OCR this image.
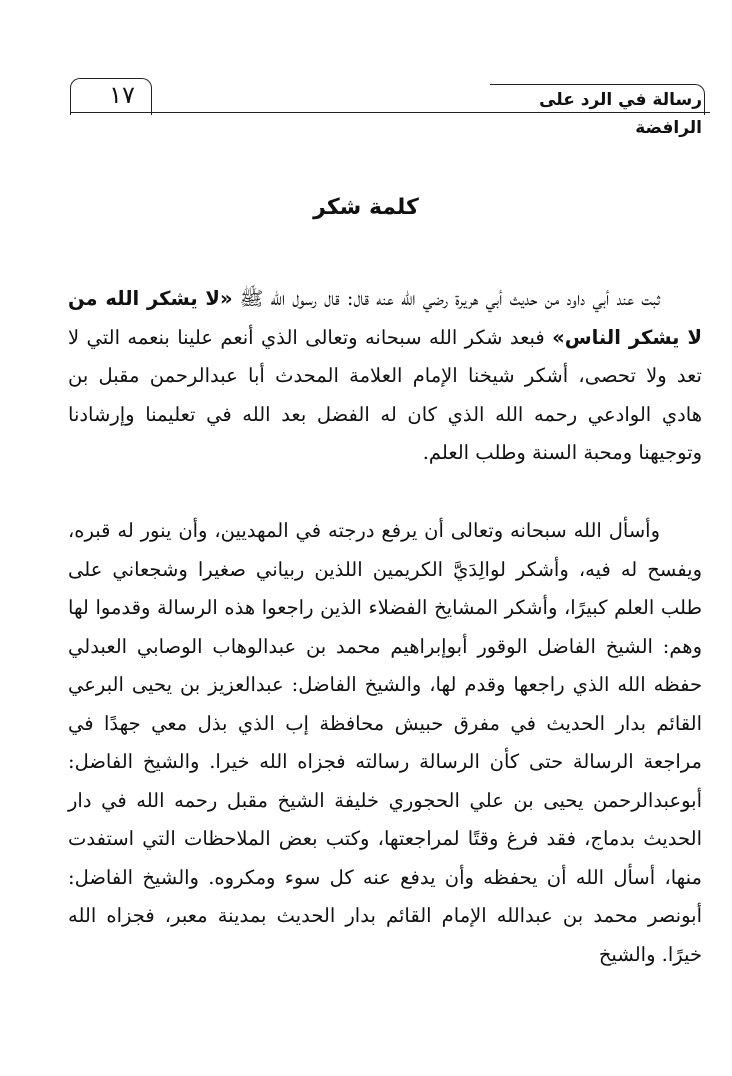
١٧	رسالة في الرد على الرافضة
كلمة شكر

ثبت عند أبي داود من حديث أبي هريرة رضي الله عنه قال: قال رسول الله ﷺ «لا يشكر الله من لا يشكر الناس» فبعد شكر الله سبحانه وتعالى الذي أنعم علينا بنعمه التي لا تعد ولا تحصى، أشكر شيخنا الإمام العلامة المحدث أبا عبدالرحمن مقبل بن هادي الوادعي رحمه الله الذي كان له الفضل بعد الله في تعليمنا وإرشادنا وتوجيهنا ومحبة السنة وطلب العلم.

وأسأل الله سبحانه وتعالى أن يرفع درجته في المهديين، وأن ينور له قبره، ويفسح له فيه، وأشكر لوالِدَيَّ الكريمين اللذين ربياني صغيرا وشجعاني على طلب العلم كبيرًا، وأشكر المشايخ الفضلاء الذين راجعوا هذه الرسالة وقدموا لها وهم: الشيخ الفاضل الوقور أبوإبراهيم محمد بن عبدالوهاب الوصابي العبدلي حفظه الله الذي راجعها وقدم لها، والشيخ الفاضل: عبدالعزيز بن يحيى البرعي القائم بدار الحديث في مفرق حبيش محافظة إب الذي بذل معي جهدًا في مراجعة الرسالة حتى كأن الرسالة رسالته فجزاه الله خيرا. والشيخ الفاضل: أبوعبدالرحمن يحيى بن علي الحجوري خليفة الشيخ مقبل رحمه الله في دار الحديث بدماج، فقد فرغ وقتًا لمراجعتها، وكتب بعض الملاحظات التي استفدت منها، أسأل الله أن يحفظه وأن يدفع عنه كل سوء ومكروه. والشيخ الفاضل: أبونصر محمد بن عبدالله الإمام القائم بدار الحديث بمدينة معبر، فجزاه الله خيرًا. والشيخ
